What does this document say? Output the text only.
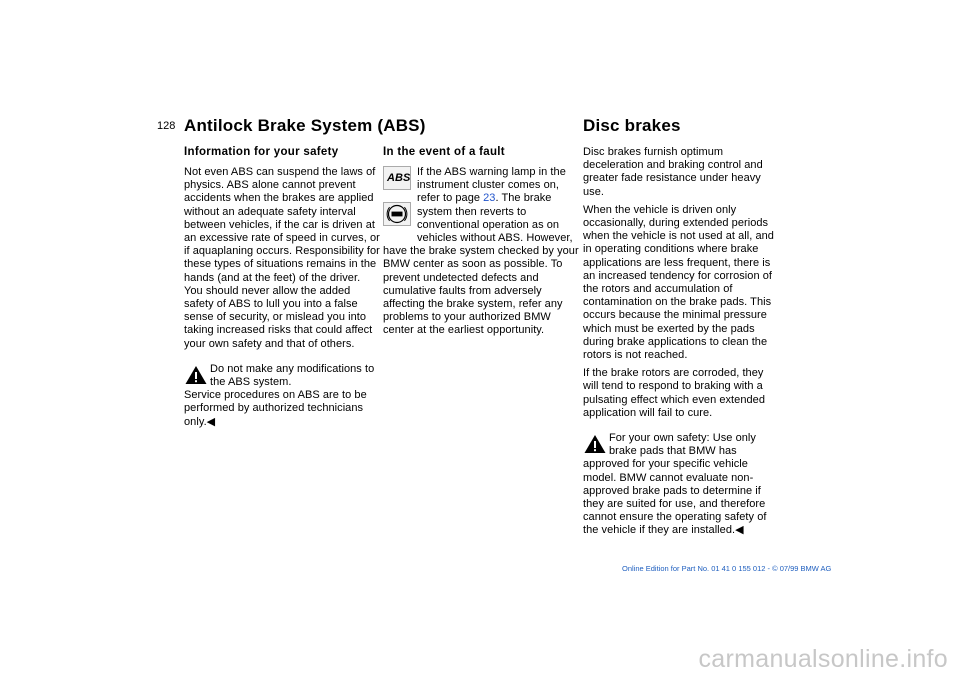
128 Antilock Brake System (ABS)	Disc brakes
Information for your safety	In the event of a fault

Not even ABS can suspend the laws of physics. ABS alone cannot prevent accidents when the brakes are applied without an adequate safety interval between vehicles, if the car is driven at an excessive rate of speed in curves, or if aquaplaning occurs. Responsibility for these types of situations remains in the hands (and at the feet) of the driver. You should never allow the added safety of ABS to lull you into a false sense of security, or mislead you into taking increased risks that could affect your own safety and that of others.

Do not make any modifications to the ABS system.
Service procedures on ABS are to be performed by authorized technicians only.◀
ABS If the ABS warning lamp in the instrument cluster comes on, refer to page 23. The brake system then reverts to conventional operation as on vehicles without ABS. However, have the brake system checked by your BMW center as soon as possible. To prevent undetected defects and cumulative faults from adversely affecting the brake system, refer any problems to your authorized BMW center at the earliest opportunity.

Disc brakes furnish optimum deceleration and braking control and greater fade resistance under heavy use.

When the vehicle is driven only occasionally, during extended periods when the vehicle is not used at all, and in operating conditions where brake applications are less frequent, there is an increased tendency for corrosion of the rotors and accumulation of contamination on the brake pads. This occurs because the minimal pressure which must be exerted by the pads during brake applications to clean the rotors is not reached.

If the brake rotors are corroded, they will tend to respond to braking with a pulsating effect which even extended application will fail to cure.

For your own safety: Use only brake pads that BMW has
approved for your specific vehicle model. BMW cannot evaluate non-approved brake pads to determine if they are suited for use, and therefore cannot ensure the operating safety of the vehicle if they are installed.◀
Online Edition for Part No. 01 41 0 155 012 - © 07/99 BMW AG
carmanualsonline.info
